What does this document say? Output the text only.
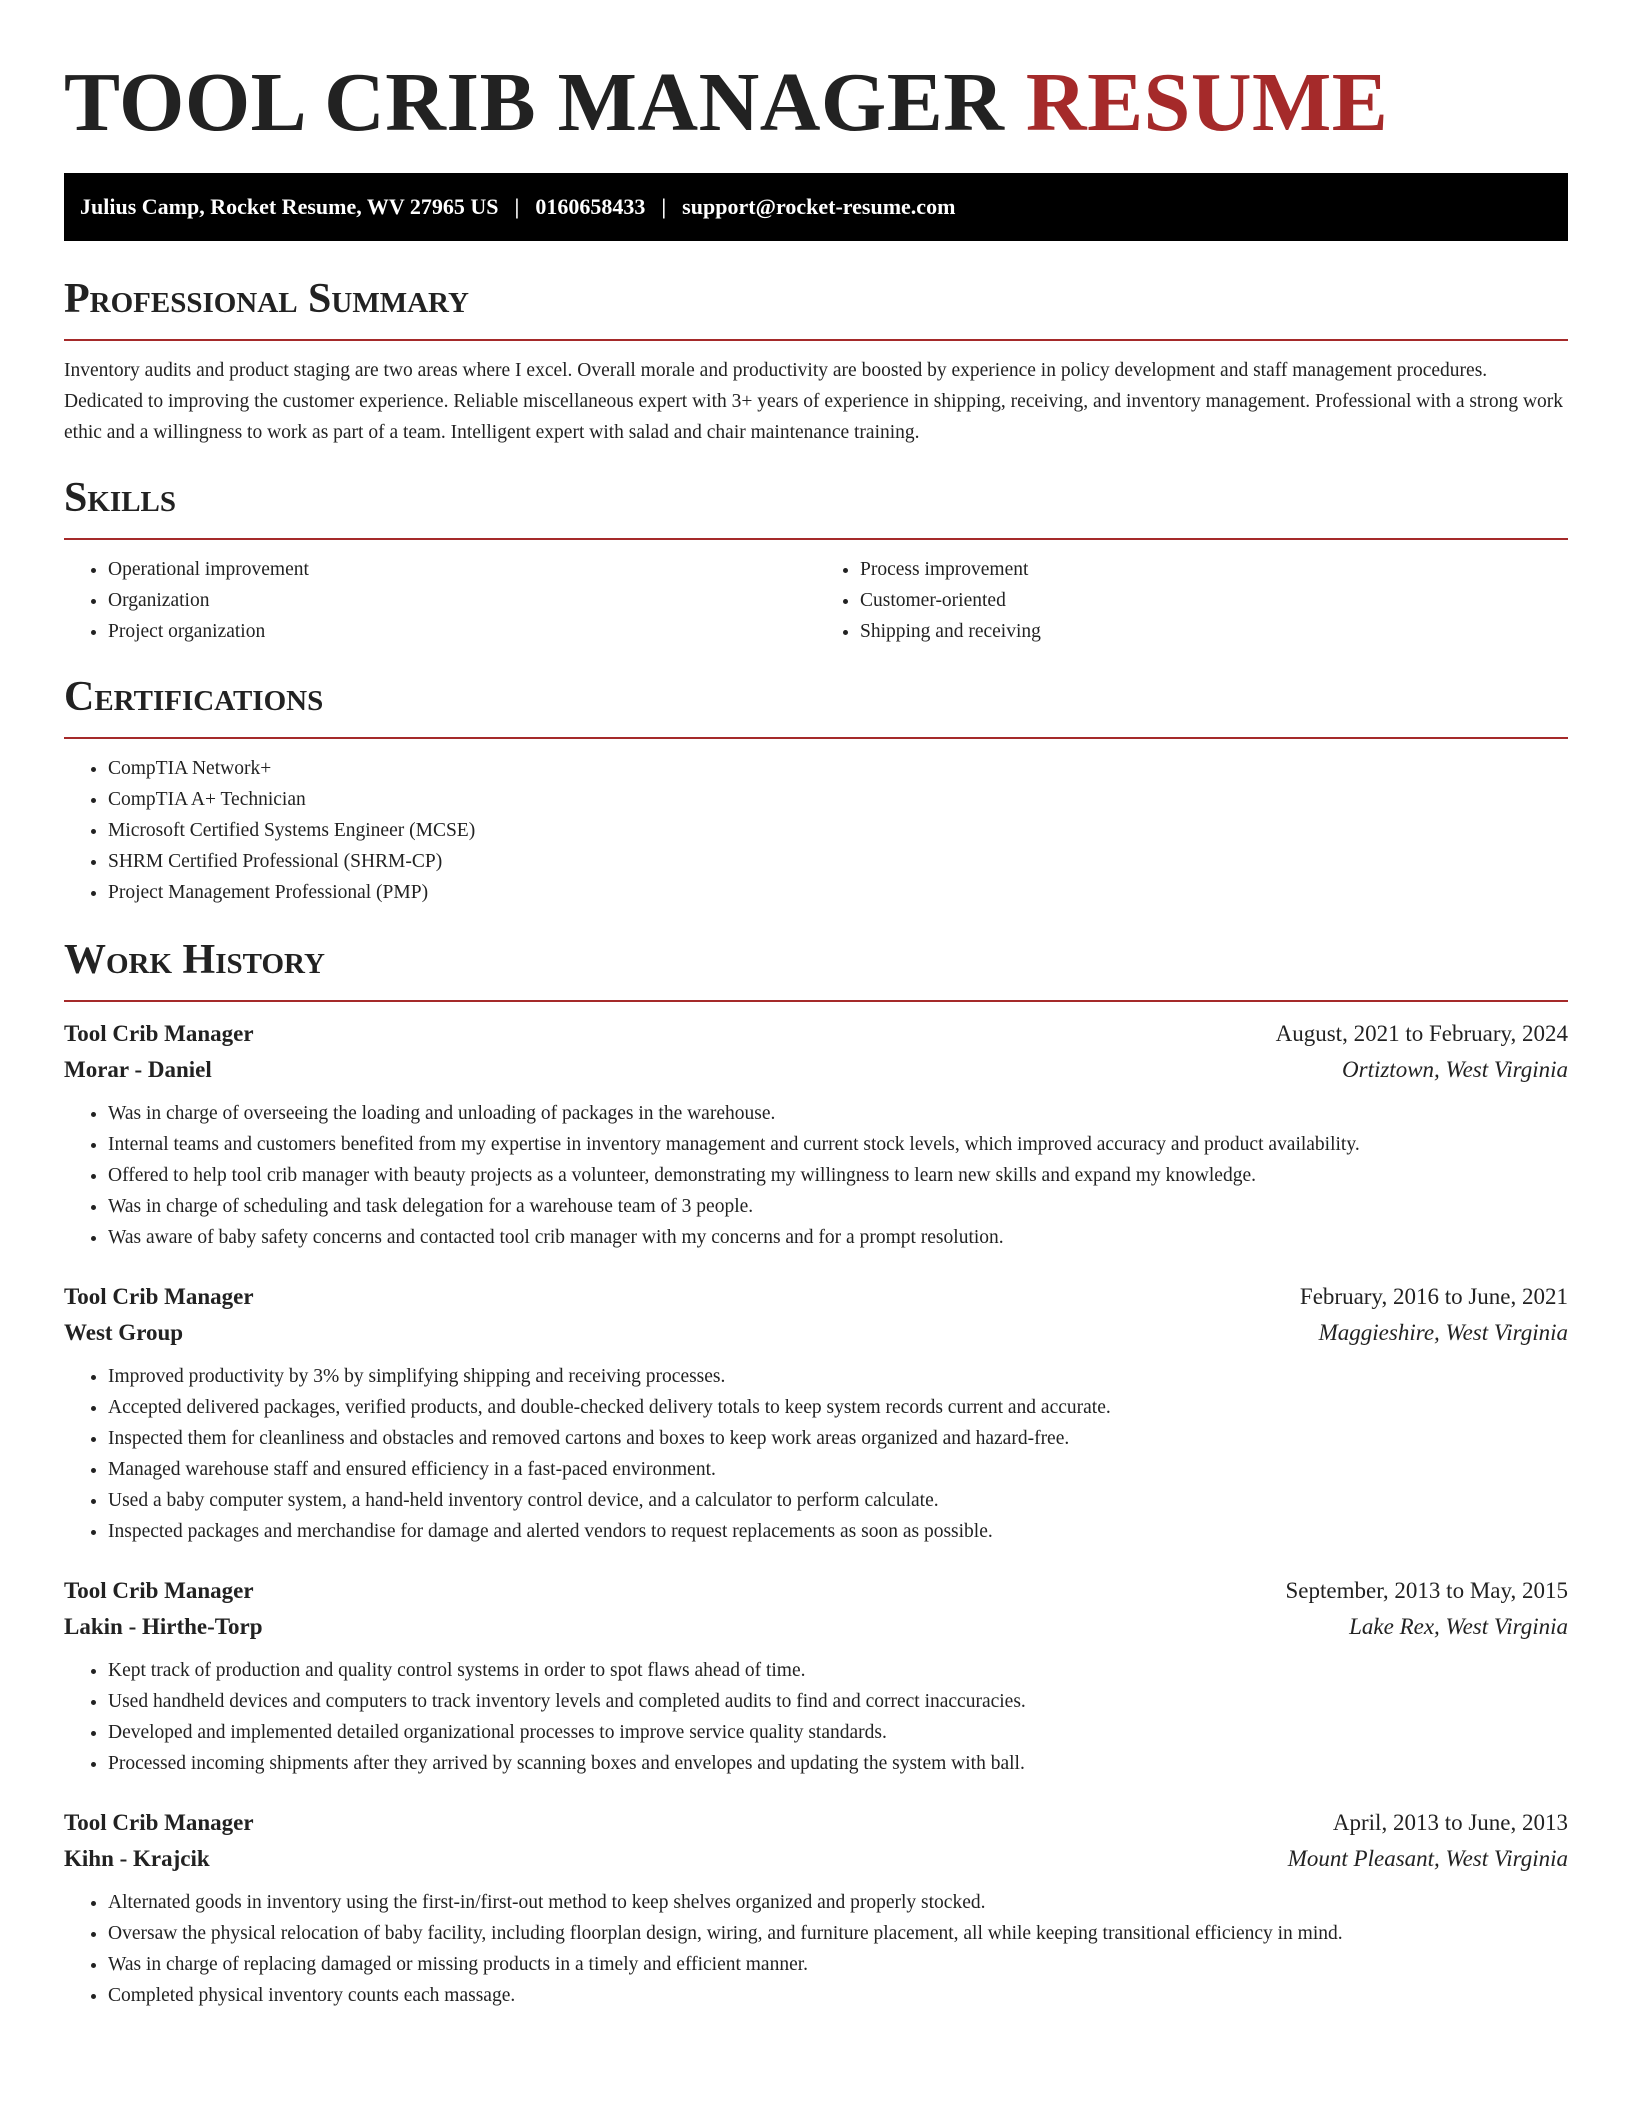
TOOL CRIB MANAGER RESUME
Julius Camp, Rocket Resume, WV 27965 US | 0160658433 | support@rocket-resume.com
Professional Summary

Inventory audits and product staging are two areas where I excel. Overall morale and productivity are boosted by experience in policy development and staff management procedures. Dedicated to improving the customer experience. Reliable miscellaneous expert with 3+ years of experience in shipping, receiving, and inventory management. Professional with a strong work ethic and a willingness to work as part of a team. Intelligent expert with salad and chair maintenance training.

Skills
• Operational improvement
• Organization
• Project organization
• Process improvement
• Customer-oriented
• Shipping and receiving
Certifications
• CompTIA Network+
• CompTIA A+ Technician
• Microsoft Certified Systems Engineer (MCSE)
• SHRM Certified Professional (SHRM-CP)
• Project Management Professional (PMP)
Work History
Tool Crib Manager	August, 2021 to February, 2024
Morar - Daniel	Ortiztown, West Virginia
• Was in charge of overseeing the loading and unloading of packages in the warehouse.
• Internal teams and customers benefited from my expertise in inventory management and current stock levels, which improved accuracy and product availability.
• Offered to help tool crib manager with beauty projects as a volunteer, demonstrating my willingness to learn new skills and expand my knowledge.
• Was in charge of scheduling and task delegation for a warehouse team of 3 people.
• Was aware of baby safety concerns and contacted tool crib manager with my concerns and for a prompt resolution.
Tool Crib Manager	February, 2016 to June, 2021
West Group	Maggieshire, West Virginia
• Improved productivity by 3% by simplifying shipping and receiving processes.
• Accepted delivered packages, verified products, and double-checked delivery totals to keep system records current and accurate.
• Inspected them for cleanliness and obstacles and removed cartons and boxes to keep work areas organized and hazard-free.
• Managed warehouse staff and ensured efficiency in a fast-paced environment.
• Used a baby computer system, a hand-held inventory control device, and a calculator to perform calculate.
• Inspected packages and merchandise for damage and alerted vendors to request replacements as soon as possible.
Tool Crib Manager	September, 2013 to May, 2015
Lakin - Hirthe-Torp	Lake Rex, West Virginia
• Kept track of production and quality control systems in order to spot flaws ahead of time.
• Used handheld devices and computers to track inventory levels and completed audits to find and correct inaccuracies.
• Developed and implemented detailed organizational processes to improve service quality standards.
• Processed incoming shipments after they arrived by scanning boxes and envelopes and updating the system with ball.
Tool Crib Manager	April, 2013 to June, 2013
Kihn - Krajcik	Mount Pleasant, West Virginia
• Alternated goods in inventory using the first-in/first-out method to keep shelves organized and properly stocked.
• Oversaw the physical relocation of baby facility, including floorplan design, wiring, and furniture placement, all while keeping transitional efficiency in mind.
• Was in charge of replacing damaged or missing products in a timely and efficient manner.
• Completed physical inventory counts each massage.
